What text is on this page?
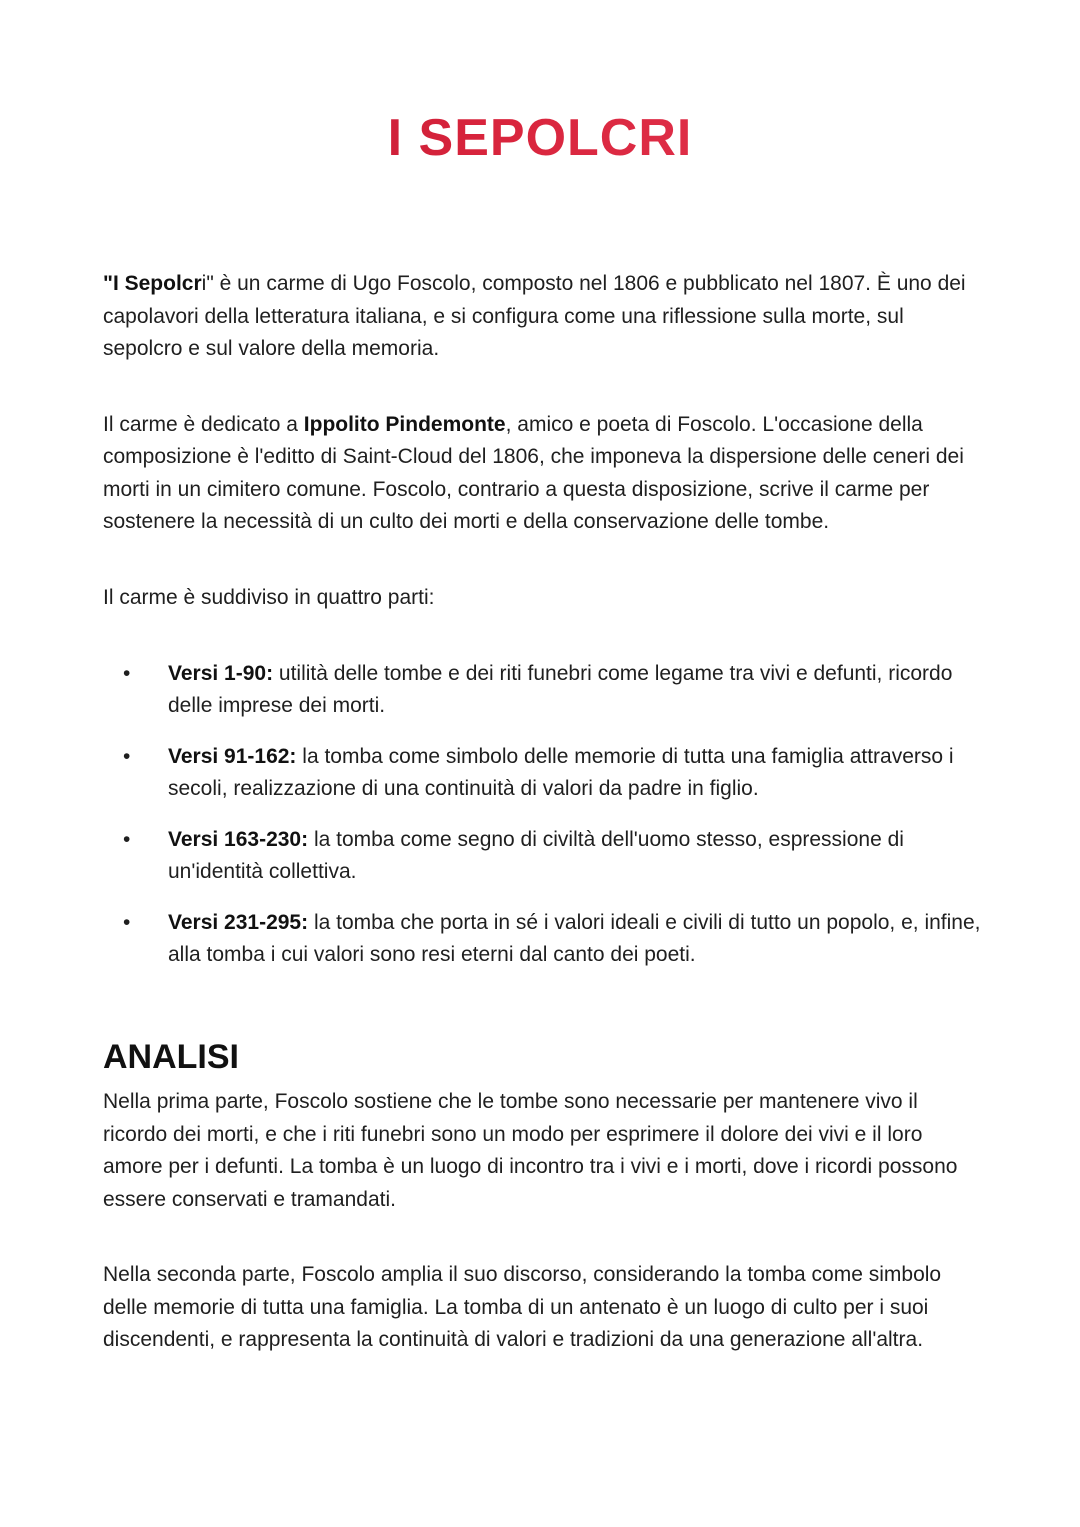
I SEPOLCRI

"I Sepolcri" è un carme di Ugo Foscolo, composto nel 1806 e pubblicato nel 1807. È uno dei capolavori della letteratura italiana, e si configura come una riflessione sulla morte, sul sepolcro e sul valore della memoria.

Il carme è dedicato a Ippolito Pindemonte, amico e poeta di Foscolo. L'occasione della composizione è l'editto di Saint-Cloud del 1806, che imponeva la dispersione delle ceneri dei morti in un cimitero comune. Foscolo, contrario a questa disposizione, scrive il carme per sostenere la necessità di un culto dei morti e della conservazione delle tombe.

Il carme è suddiviso in quattro parti:

• Versi 1-90: utilità delle tombe e dei riti funebri come legame tra vivi e defunti, ricordo delle imprese dei morti.
• Versi 91-162: la tomba come simbolo delle memorie di tutta una famiglia attraverso i secoli, realizzazione di una continuità di valori da padre in figlio.
• Versi 163-230: la tomba come segno di civiltà dell'uomo stesso, espressione di un'identità collettiva.
• Versi 231-295: la tomba che porta in sé i valori ideali e civili di tutto un popolo, e, infine, alla tomba i cui valori sono resi eterni dal canto dei poeti.
ANALISI

Nella prima parte, Foscolo sostiene che le tombe sono necessarie per mantenere vivo il ricordo dei morti, e che i riti funebri sono un modo per esprimere il dolore dei vivi e il loro amore per i defunti. La tomba è un luogo di incontro tra i vivi e i morti, dove i ricordi possono essere conservati e tramandati.

Nella seconda parte, Foscolo amplia il suo discorso, considerando la tomba come simbolo delle memorie di tutta una famiglia. La tomba di un antenato è un luogo di culto per i suoi discendenti, e rappresenta la continuità di valori e tradizioni da una generazione all'altra.
